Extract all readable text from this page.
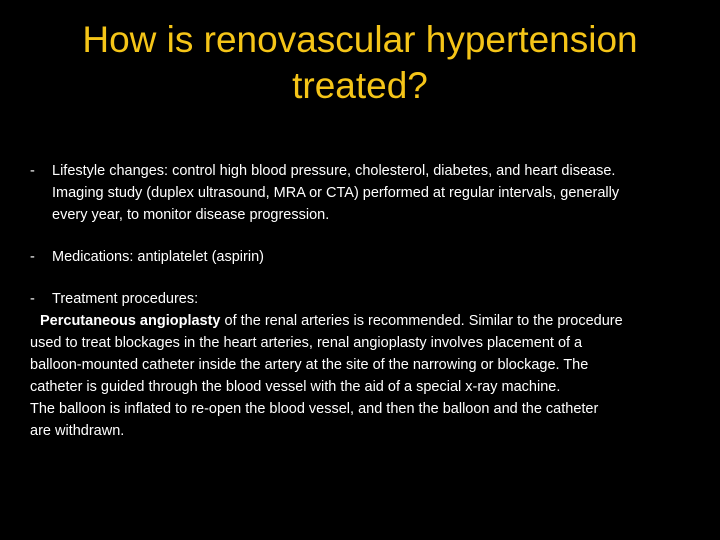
How is renovascular hypertension
treated?
- Lifestyle changes: control high blood pressure, cholesterol, diabetes, and heart disease.

Imaging study (duplex ultrasound, MRA or CTA) performed at regular intervals, generally

every year, to monitor disease progression.

- Medications: antiplatelet (aspirin)

- Treatment procedures:

Percutaneous angioplasty of the renal arteries is recommended. Similar to the procedure

used to treat blockages in the heart arteries, renal angioplasty involves placement of a

balloon-mounted catheter inside the artery at the site of the narrowing or blockage. The

catheter is guided through the blood vessel with the aid of a special x-ray machine.

The balloon is inflated to re-open the blood vessel, and then the balloon and the catheter

are withdrawn.
